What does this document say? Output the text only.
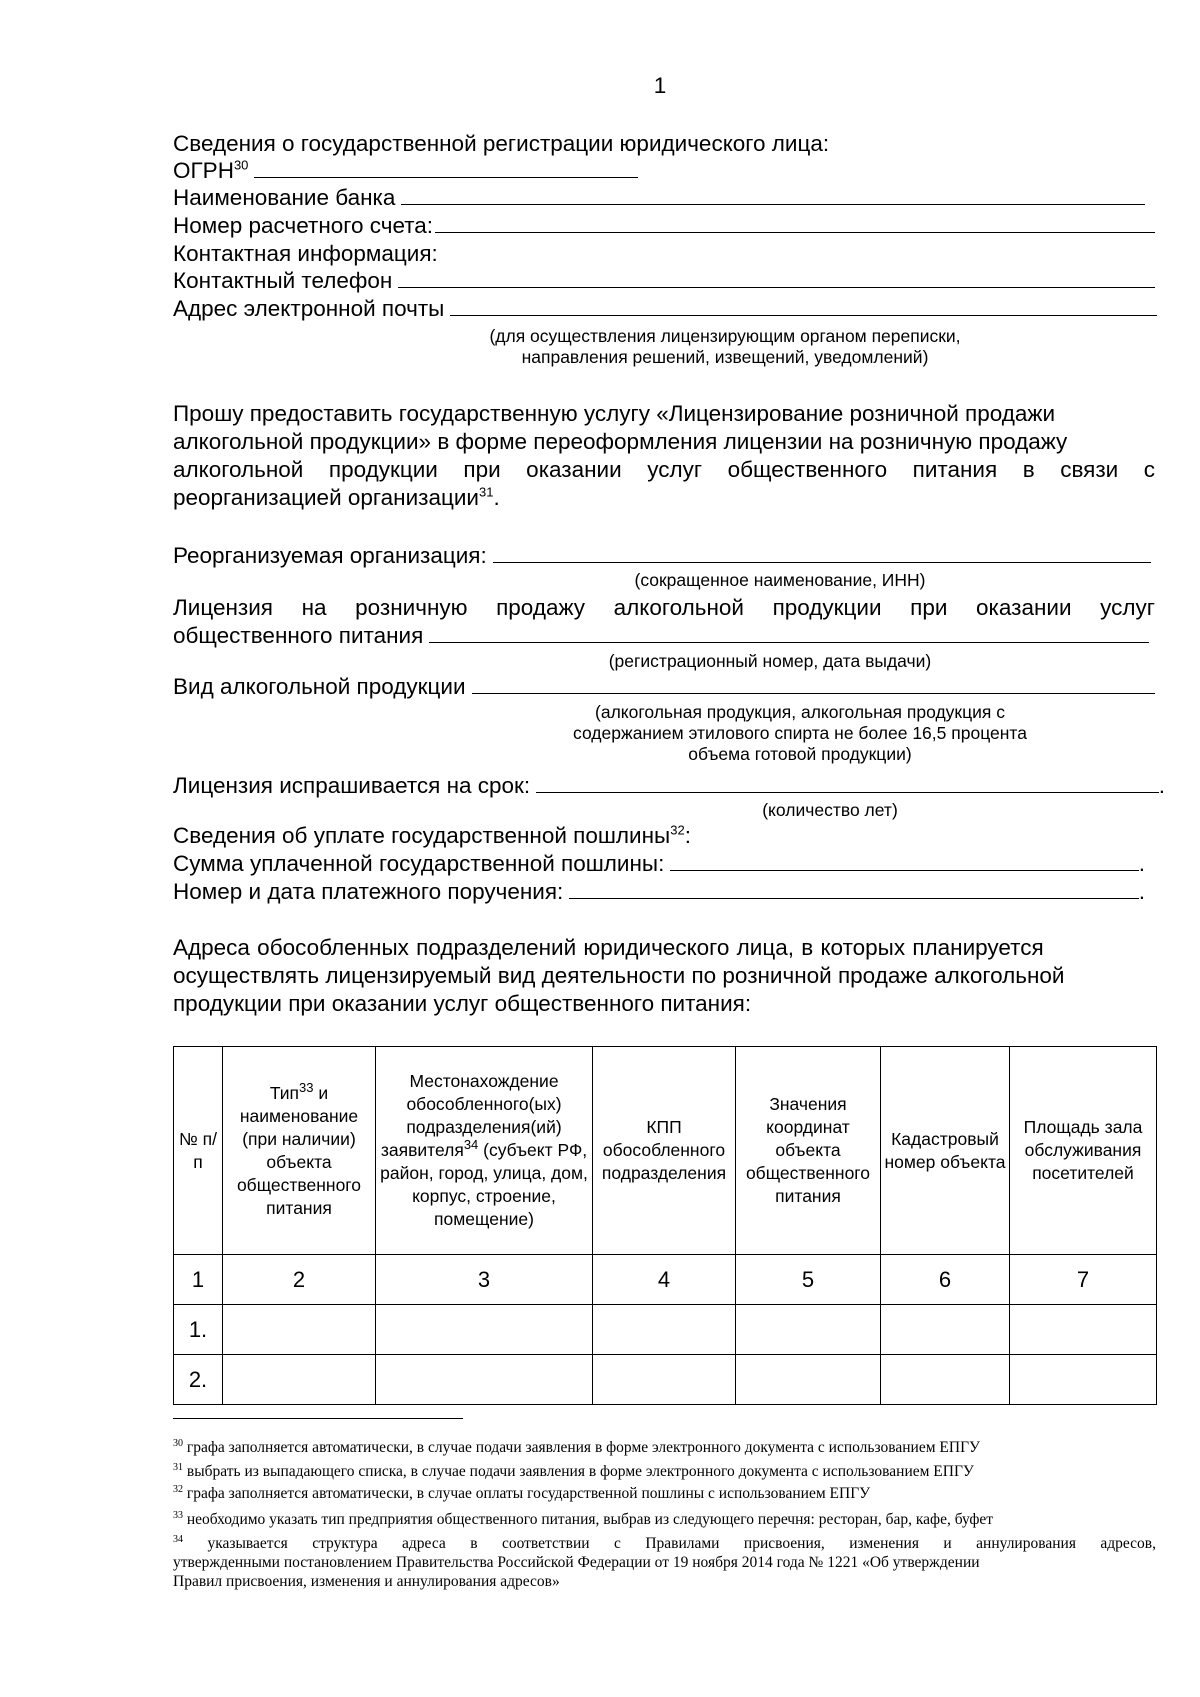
1
Сведения о государственной регистрации юридического лица:
ОГРН$^{30}$
Наименование банка
Номер расчетного счета:
Контактная информация:
Контактный телефон
Адрес электронной почты
(для осуществления лицензирующим органом переписки,
направления решений, извещений, уведомлений)
Прошу предоставить государственную услугу «Лицензирование розничной продажи
алкогольной продукции» в форме переоформления лицензии на розничную продажу
алкогольной продукции при оказании услуг общественного питания в связи с
реорганизацией организации$^{31}$.
Реорганизуемая организация:
(сокращенное наименование, ИНН)
Лицензия на розничную продажу алкогольной продукции при оказании услуг
общественного питания
(регистрационный номер, дата выдачи)
Вид алкогольной продукции
(алкогольная продукция, алкогольная продукция с
содержанием этилового спирта не более 16,5 процента
объема готовой продукции)
Лицензия испрашивается на срок:	.
(количество лет)
Сведения об уплате государственной пошлины$^{32}$:
Сумма уплаченной государственной пошлины:	.
Номер и дата платежного поручения:	.
Адреса обособленных подразделений юридического лица, в которых планируется
осуществлять лицензируемый вид деятельности по розничной продаже алкогольной
продукции при оказании услуг общественного питания:
№ п/п	Тип$^{33}$ и наименование (при наличии) объекта общественного питания	Местонахождение обособленного(ых) подразделения(ий) заявителя$^{34}$ (субъект РФ, район, город, улица, дом, корпус, строение, помещение)	КПП обособленного подразделения	Значения координат объекта общественного питания	Кадастровый номер объекта	Площадь зала обслуживания посетителей
1	2	3	4	5	6	7
1.						
2.						
$^{30}$ графа заполняется автоматически, в случае подачи заявления в форме электронного документа с использованием ЕПГУ
$^{31}$ выбрать из выпадающего списка, в случае подачи заявления в форме электронного документа с использованием ЕПГУ
$^{32}$ графа заполняется автоматически, в случае оплаты государственной пошлины с использованием ЕПГУ
$^{33}$ необходимо указать тип предприятия общественного питания, выбрав из следующего перечня: ресторан, бар, кафе, буфет
$^{34}$ указывается структура адреса в соответствии с Правилами присвоения, изменения и аннулирования адресов,
утвержденными постановлением Правительства Российской Федерации от 19 ноября 2014 года № 1221 «Об утверждении
Правил присвоения, изменения и аннулирования адресов»
